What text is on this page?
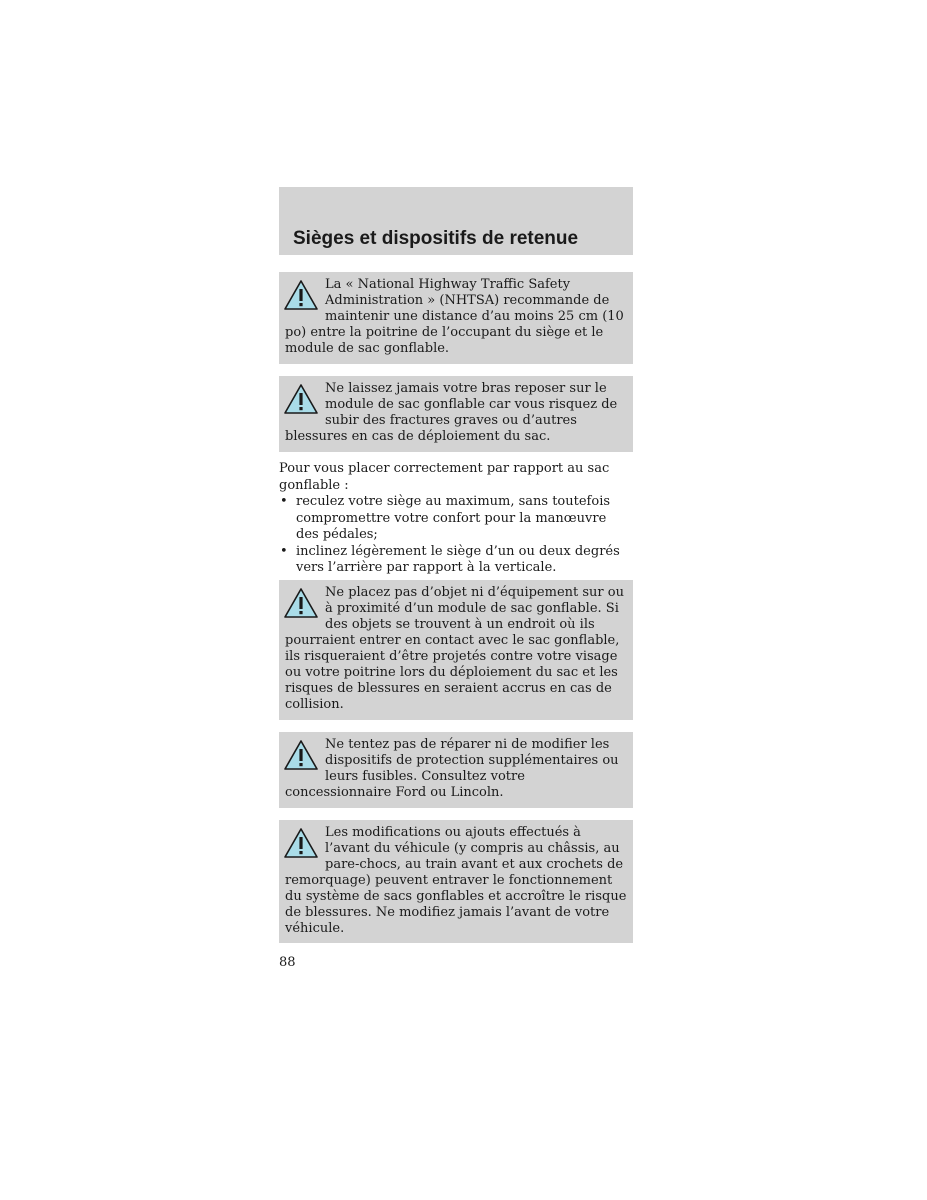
Sièges et dispositifs de retenue

La « National Highway Traffic Safety Administration » (NHTSA) recommande de maintenir une distance d’au moins 25 cm (10 po) entre la poitrine de l’occupant du siège et le module de sac gonflable.

Ne laissez jamais votre bras reposer sur le module de sac gonflable car vous risquez de subir des fractures graves ou d’autres blessures en cas de déploiement du sac.

Pour vous placer correctement par rapport au sac gonflable :

• reculez votre siège au maximum, sans toutefois compromettre votre confort pour la manœuvre des pédales;
• inclinez légèrement le siège d’un ou deux degrés vers l’arrière par rapport à la verticale.

Ne placez pas d’objet ni d’équipement sur ou à proximité d’un module de sac gonflable. Si des objets se trouvent à un endroit où ils pourraient entrer en contact avec le sac gonflable, ils risqueraient d’être projetés contre votre visage ou votre poitrine lors du déploiement du sac et les risques de blessures en seraient accrus en cas de collision.

Ne tentez pas de réparer ni de modifier les dispositifs de protection supplémentaires ou leurs fusibles. Consultez votre concessionnaire Ford ou Lincoln.

Les modifications ou ajouts effectués à l’avant du véhicule (y compris au châssis, au pare-chocs, au train avant et aux crochets de remorquage) peuvent entraver le fonctionnement du système de sacs gonflables et accroître le risque de blessures. Ne modifiez jamais l’avant de votre véhicule.

88
